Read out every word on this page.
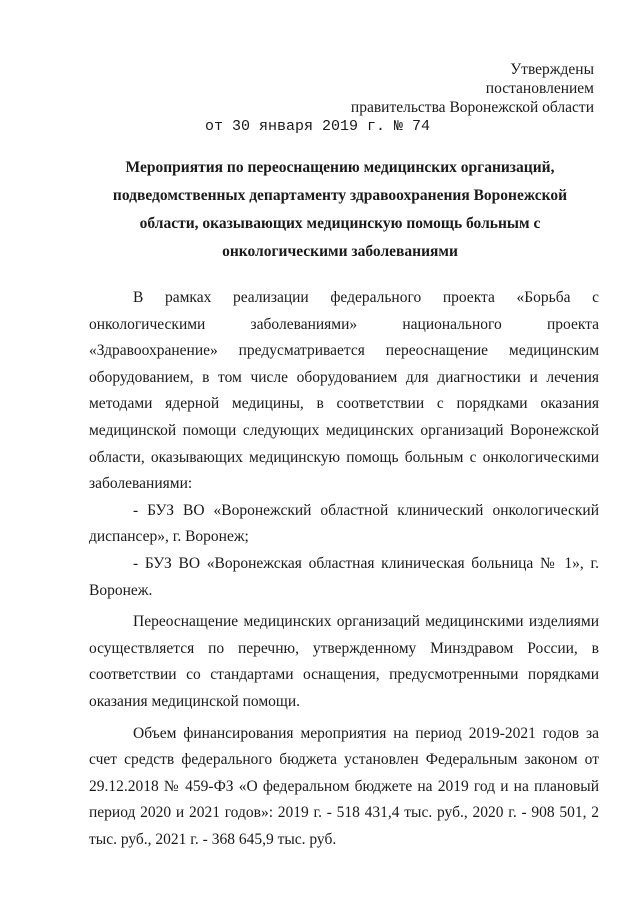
Утверждены
постановлением
правительства Воронежской области
от 30 января 2019 г. № 74
Мероприятия по переоснащению медицинских организаций,
подведомственных департаменту здравоохранения Воронежской
области, оказывающих медицинскую помощь больным с
онкологическими заболеваниями
В рамках реализации федерального проекта «Борьба с
онкологическими заболеваниями» национального проекта
«Здравоохранение» предусматривается переоснащение медицинским
оборудованием, в том числе оборудованием для диагностики и лечения
методами ядерной медицины, в соответствии с порядками оказания
медицинской помощи следующих медицинских организаций Воронежской
области, оказывающих медицинскую помощь больным с онкологическими
заболеваниями:
- БУЗ ВО «Воронежский областной клинический онкологический
диспансер», г. Воронеж;
- БУЗ ВО «Воронежская областная клиническая больница № 1», г.
Воронеж.
Переоснащение медицинских организаций медицинскими изделиями
осуществляется по перечню, утвержденному Минздравом России, в
соответствии со стандартами оснащения, предусмотренными порядками
оказания медицинской помощи.
Объем финансирования мероприятия на период 2019-2021 годов за
счет средств федерального бюджета установлен Федеральным законом от
29.12.2018 № 459-ФЗ «О федеральном бюджете на 2019 год и на плановый
период 2020 и 2021 годов»: 2019 г. - 518 431,4 тыс. руб., 2020 г. - 908 501, 2
тыс. руб., 2021 г. - 368 645,9 тыс. руб.
